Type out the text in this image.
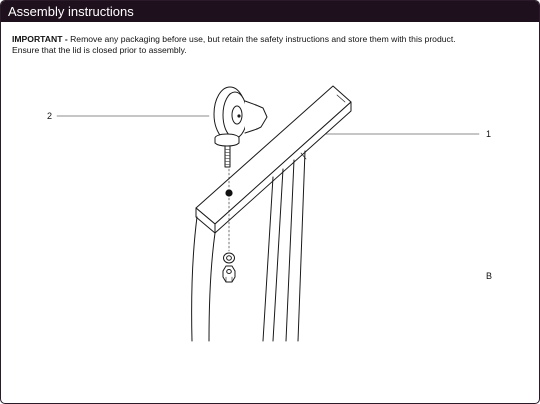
Assembly instructions
IMPORTANT - Remove any packaging before use, but retain the safety instructions and store them with this product.
Ensure that the lid is closed prior to assembly.
2
1
B
